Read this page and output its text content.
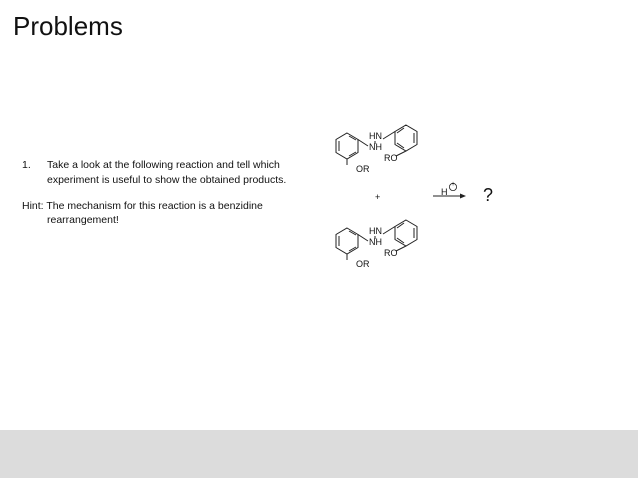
Problems
1. Take a look at the following reaction and tell which experiment is useful to show the obtained products.
Hint: The mechanism for this reaction is a benzidine
rearrangement!
HN
NH
RO
OR
HN
NH
RO
OR
+	H
+
?
